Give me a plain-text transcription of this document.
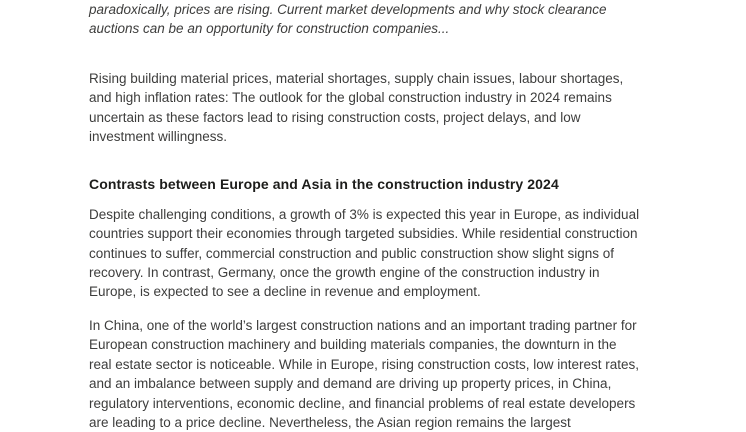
paradoxically, prices are rising. Current market developments and why stock clearance auctions can be an opportunity for construction companies...

Rising building material prices, material shortages, supply chain issues, labour shortages, and high inflation rates: The outlook for the global construction industry in 2024 remains uncertain as these factors lead to rising construction costs, project delays, and low investment willingness.

Contrasts between Europe and Asia in the construction industry 2024

Despite challenging conditions, a growth of 3% is expected this year in Europe, as individual countries support their economies through targeted subsidies. While residential construction continues to suffer, commercial construction and public construction show slight signs of recovery. In contrast, Germany, once the growth engine of the construction industry in Europe, is expected to see a decline in revenue and employment.

In China, one of the world’s largest construction nations and an important trading partner for European construction machinery and building materials companies, the downturn in the real estate sector is noticeable. While in Europe, rising construction costs, low interest rates, and an imbalance between supply and demand are driving up property prices, in China, regulatory interventions, economic decline, and financial problems of real estate developers are leading to a price decline. Nevertheless, the Asian region remains the largest
